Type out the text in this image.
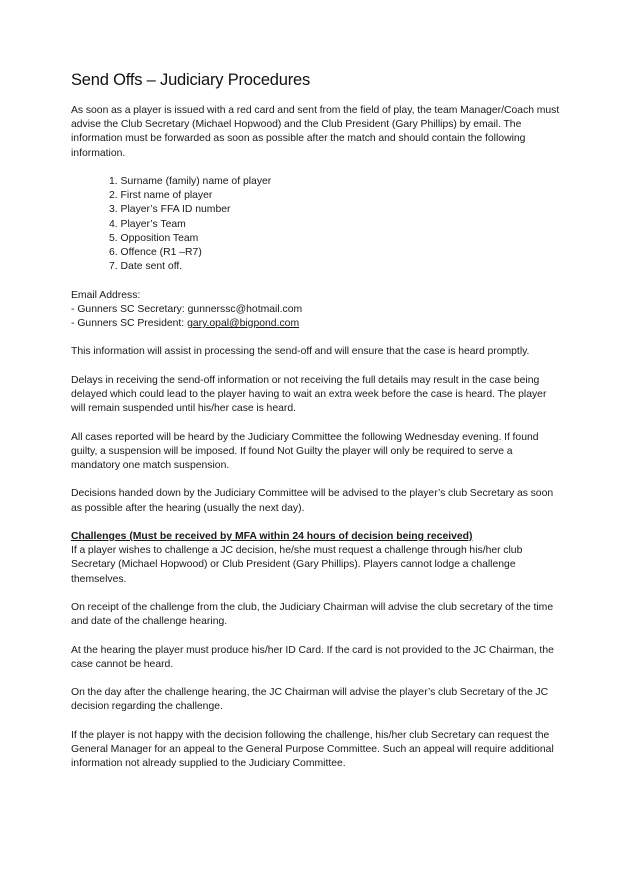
Send Offs – Judiciary Procedures

As soon as a player is issued with a red card and sent from the field of play, the team Manager/Coach must advise the Club Secretary (Michael Hopwood) and the Club President (Gary Phillips) by email. The information must be forwarded as soon as possible after the match and should contain the following information.

1. Surname (family) name of player
2. First name of player
3. Player’s FFA ID number
4. Player’s Team
5. Opposition Team
6. Offence (R1 –R7)
7. Date sent off.
Email Address:
- Gunners SC Secretary: gunnerssc@hotmail.com
- Gunners SC President: gary.opal@bigpond.com

This information will assist in processing the send-off and will ensure that the case is heard promptly.

Delays in receiving the send-off information or not receiving the full details may result in the case being delayed which could lead to the player having to wait an extra week before the case is heard. The player will remain suspended until his/her case is heard.

All cases reported will be heard by the Judiciary Committee the following Wednesday evening. If found guilty, a suspension will be imposed. If found Not Guilty the player will only be required to serve a mandatory one match suspension.

Decisions handed down by the Judiciary Committee will be advised to the player’s club Secretary as soon as possible after the hearing (usually the next day).

Challenges (Must be received by MFA within 24 hours of decision being received)

If a player wishes to challenge a JC decision, he/she must request a challenge through his/her club Secretary (Michael Hopwood) or Club President (Gary Phillips). Players cannot lodge a challenge themselves.

On receipt of the challenge from the club, the Judiciary Chairman will advise the club secretary of the time and date of the challenge hearing.

At the hearing the player must produce his/her ID Card. If the card is not provided to the JC Chairman, the case cannot be heard.

On the day after the challenge hearing, the JC Chairman will advise the player’s club Secretary of the JC decision regarding the challenge.

If the player is not happy with the decision following the challenge, his/her club Secretary can request the General Manager for an appeal to the General Purpose Committee. Such an appeal will require additional information not already supplied to the Judiciary Committee.
